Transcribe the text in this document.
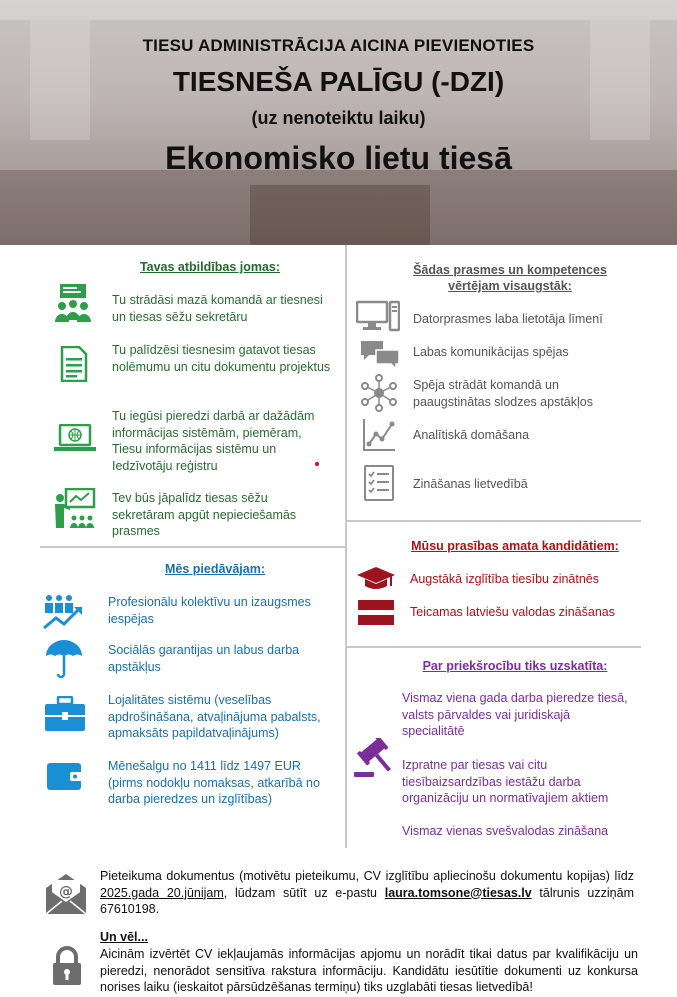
TIESU ADMINISTRĀCIJA AICINA PIEVIENOTIES
TIESNEŠA PALĪGU (-DZI)
(uz nenoteiktu laiku)
Ekonomisko lietu tiesā
Tavas atbildības jomas:
Tu strādāsi mazā komandā ar tiesnesi un tiesas sēžu sekretāru
Tu palīdzēsi tiesnesim gatavot tiesas nolēmumu un citu dokumentu projektus
Tu iegūsi pieredzi darbā ar dažādām informācijas sistēmām, piemēram, Tiesu informācijas sistēmu un Iedzīvotāju reģistru
Tev būs jāpalīdz tiesas sēžu sekretāram apgūt nepieciešamās prasmes
Mēs piedāvājam:
Profesionālu kolektīvu un izaugsmes iespējas
Sociālās garantijas un labus darba apstākļus
Lojalitātes sistēmu (veselības apdrošināšana, atvaļinājuma pabalsts, apmaksāts papildatvaļinājums)
Mēnešalgu no 1411 līdz 1497 EUR (pirms nodokļu nomaksas, atkarībā no darba pieredzes un izglītības)
Šādas prasmes un kompetences
vērtējam visaugstāk:
Datorprasmes laba lietotāja līmenī
Labas komunikācijas spējas
Spēja strādāt komandā un paaugstinātas slodzes apstākļos
Analītiskā domāšana
Zināšanas lietvedībā
Mūsu prasības amata kandidātiem:
Augstākā izglītība tiesību zinātnēs
Teicamas latviešu valodas zināšanas
Par priekšrocību tiks uzskatīta:
Vismaz viena gada darba pieredze tiesā, valsts pārvaldes vai juridiskajā specialitātē
Izpratne par tiesas vai citu tiesībaizsardzības iestāžu darba organizāciju un normatīvajiem aktiem
Vismaz vienas svešvalodas zināšana
@
Pieteikuma dokumentus (motivētu pieteikumu, CV izglītību apliecinošu dokumentu kopijas) līdz 2025.gada 20.jūnijam, lūdzam sūtīt uz e-pastu laura.tomsone@tiesas.lv tālrunis uzziņām 67610198.
Un vēl...
Aicinām izvērtēt CV iekļaujamās informācijas apjomu un norādīt tikai datus par kvalifikāciju un pieredzi, nenorādot sensitīva rakstura informāciju. Kandidātu iesūtītie dokumenti uz konkursa norises laiku (ieskaitot pārsūdzēšanas termiņu) tiks uzglabāti tiesas lietvedībā!
